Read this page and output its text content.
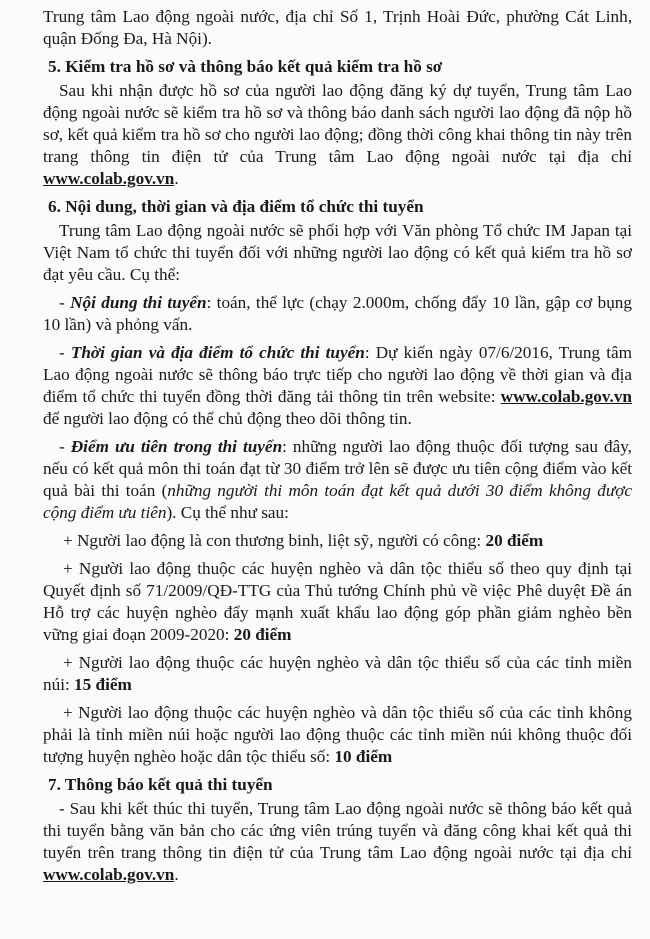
Trung tâm Lao động ngoài nước, địa chỉ Số 1, Trịnh Hoài Đức, phường Cát Linh, quận Đống Đa, Hà Nội).

5. Kiểm tra hồ sơ và thông báo kết quả kiểm tra hồ sơ

Sau khi nhận được hồ sơ của người lao động đăng ký dự tuyển, Trung tâm Lao động ngoài nước sẽ kiểm tra hồ sơ và thông báo danh sách người lao động đã nộp hồ sơ, kết quả kiểm tra hồ sơ cho người lao động; đồng thời công khai thông tin này trên trang thông tin điện tử của Trung tâm Lao động ngoài nước tại địa chỉ www.colab.gov.vn.

6. Nội dung, thời gian và địa điểm tổ chức thi tuyển

Trung tâm Lao động ngoài nước sẽ phối hợp với Văn phòng Tổ chức IM Japan tại Việt Nam tổ chức thi tuyển đối với những người lao động có kết quả kiểm tra hồ sơ đạt yêu cầu. Cụ thể:

- Nội dung thi tuyển: toán, thể lực (chạy 2.000m, chống đẩy 10 lần, gập cơ bụng 10 lần) và phỏng vấn.

- Thời gian và địa điểm tổ chức thi tuyển: Dự kiến ngày 07/6/2016, Trung tâm Lao động ngoài nước sẽ thông báo trực tiếp cho người lao động về thời gian và địa điểm tổ chức thi tuyển đồng thời đăng tải thông tin trên website: www.colab.gov.vn để người lao động có thể chủ động theo dõi thông tin.

- Điểm ưu tiên trong thi tuyển: những người lao động thuộc đối tượng sau đây, nếu có kết quả môn thi toán đạt từ 30 điểm trở lên sẽ được ưu tiên cộng điểm vào kết quả bài thi toán (những người thi môn toán đạt kết quả dưới 30 điểm không được cộng điểm ưu tiên). Cụ thể như sau:

+ Người lao động là con thương binh, liệt sỹ, người có công: 20 điểm

+ Người lao động thuộc các huyện nghèo và dân tộc thiểu số theo quy định tại Quyết định số 71/2009/QĐ-TTG của Thủ tướng Chính phủ về việc Phê duyệt Đề án Hỗ trợ các huyện nghèo đẩy mạnh xuất khẩu lao động góp phần giảm nghèo bền vững giai đoạn 2009-2020: 20 điểm

+ Người lao động thuộc các huyện nghèo và dân tộc thiểu số của các tỉnh miền núi: 15 điểm

+ Người lao động thuộc các huyện nghèo và dân tộc thiểu số của các tỉnh không phải là tỉnh miền núi hoặc người lao động thuộc các tỉnh miền núi không thuộc đối tượng huyện nghèo hoặc dân tộc thiểu số: 10 điểm

7. Thông báo kết quả thi tuyển

- Sau khi kết thúc thi tuyển, Trung tâm Lao động ngoài nước sẽ thông báo kết quả thi tuyển bằng văn bản cho các ứng viên trúng tuyển và đăng công khai kết quả thi tuyển trên trang thông tin điện tử của Trung tâm Lao động ngoài nước tại địa chỉ www.colab.gov.vn.
